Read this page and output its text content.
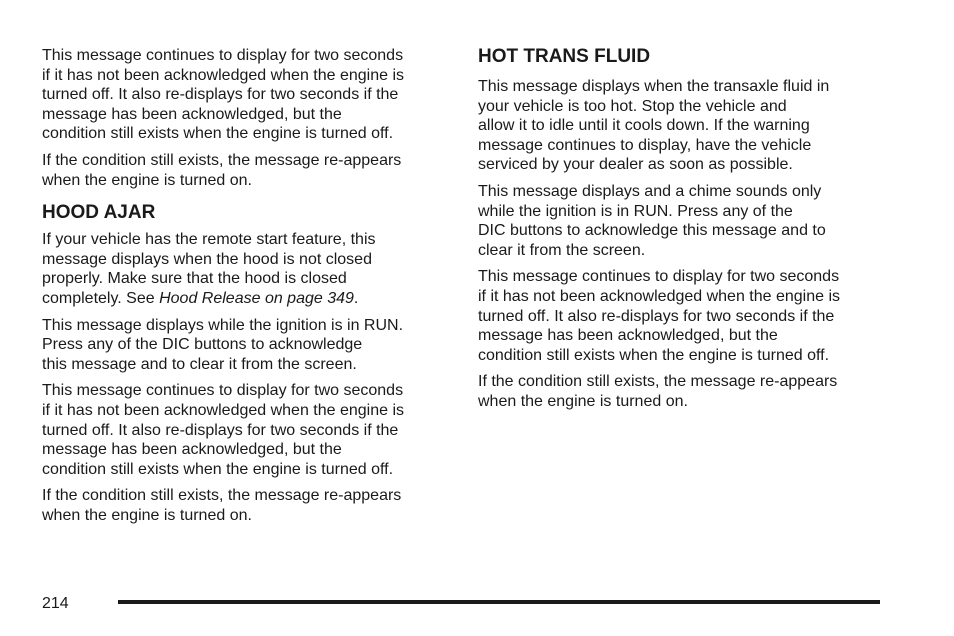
This message continues to display for two seconds
if it has not been acknowledged when the engine is
turned off. It also re-displays for two seconds if the
message has been acknowledged, but the
condition still exists when the engine is turned off.

If the condition still exists, the message re-appears
when the engine is turned on.

HOOD AJAR

If your vehicle has the remote start feature, this
message displays when the hood is not closed
properly. Make sure that the hood is closed
completely. See Hood Release on page 349.

This message displays while the ignition is in RUN.
Press any of the DIC buttons to acknowledge
this message and to clear it from the screen.

This message continues to display for two seconds
if it has not been acknowledged when the engine is
turned off. It also re-displays for two seconds if the
message has been acknowledged, but the
condition still exists when the engine is turned off.

If the condition still exists, the message re-appears
when the engine is turned on.

HOT TRANS FLUID

This message displays when the transaxle fluid in
your vehicle is too hot. Stop the vehicle and
allow it to idle until it cools down. If the warning
message continues to display, have the vehicle
serviced by your dealer as soon as possible.

This message displays and a chime sounds only
while the ignition is in RUN. Press any of the
DIC buttons to acknowledge this message and to
clear it from the screen.

This message continues to display for two seconds
if it has not been acknowledged when the engine is
turned off. It also re-displays for two seconds if the
message has been acknowledged, but the
condition still exists when the engine is turned off.

If the condition still exists, the message re-appears
when the engine is turned on.

214
